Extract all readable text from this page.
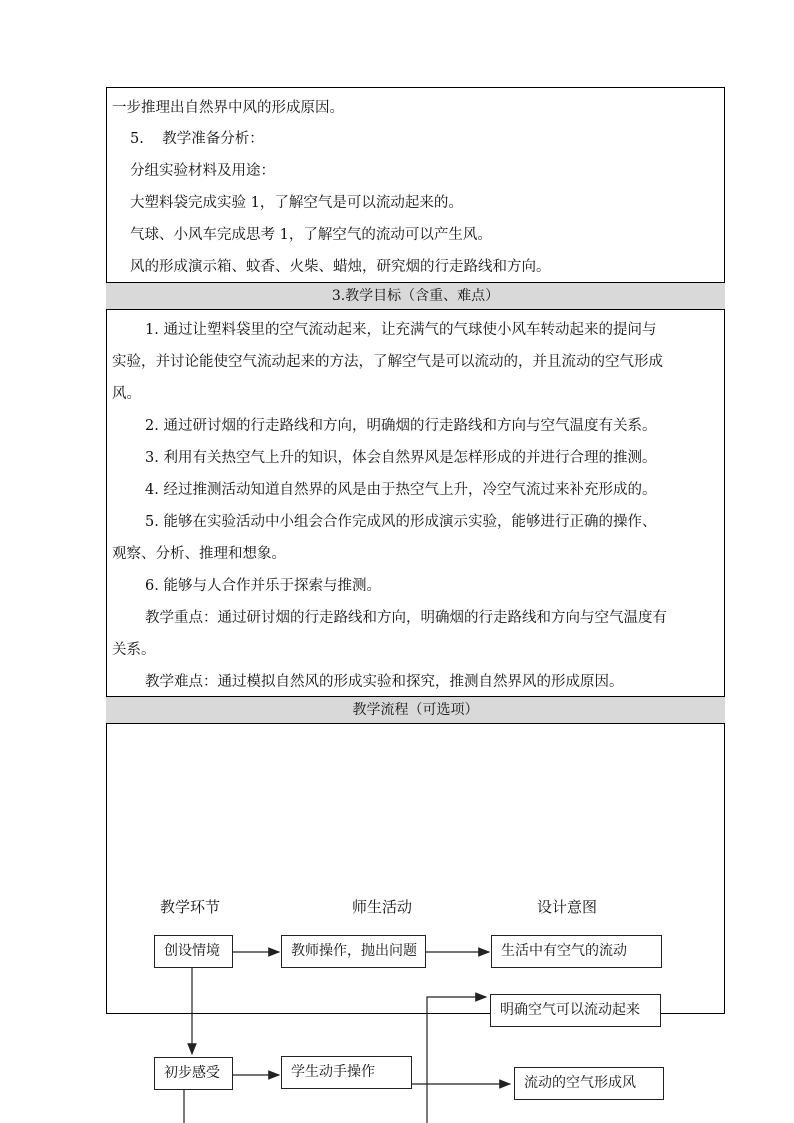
一步推理出自然界中风的形成原因。
5.    教学准备分析：
分组实验材料及用途：
大塑料袋完成实验 1，了解空气是可以流动起来的。
气球、小风车完成思考 1，了解空气的流动可以产生风。
风的形成演示箱、蚊香、火柴、蜡烛，研究烟的行走路线和方向。
3.教学目标（含重、难点）
1. 通过让塑料袋里的空气流动起来，让充满气的气球使小风车转动起来的提问与
实验，并讨论能使空气流动起来的方法，了解空气是可以流动的，并且流动的空气形成
风。
2. 通过研讨烟的行走路线和方向，明确烟的行走路线和方向与空气温度有关系。
3. 利用有关热空气上升的知识，体会自然界风是怎样形成的并进行合理的推测。
4. 经过推测活动知道自然界的风是由于热空气上升，冷空气流过来补充形成的。
5. 能够在实验活动中小组会合作完成风的形成演示实验，能够进行正确的操作、
观察、分析、推理和想象。
6. 能够与人合作并乐于探索与推测。
教学重点：通过研讨烟的行走路线和方向，明确烟的行走路线和方向与空气温度有
关系。
教学难点：通过模拟自然风的形成实验和探究，推测自然界风的形成原因。
教学流程（可选项）
教学环节	师生活动	设计意图
创设情境	教师操作，抛出问题	生活中有空气的流动
明确空气可以流动起来
初步感受	学生动手操作
流动的空气形成风
